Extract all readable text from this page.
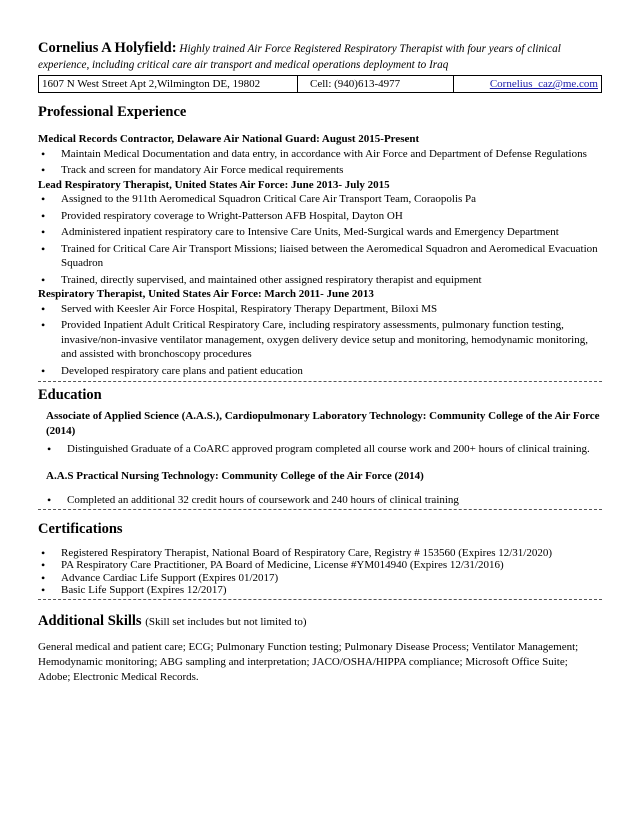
Cornelius A Holyfield: Highly trained Air Force Registered Respiratory Therapist with four years of clinical experience, including critical care air transport and medical operations deployment to Iraq
1607 N West Street Apt 2,Wilmington DE, 19802	Cell: (940)613-4977	Cornelius_caz@me.com
Professional Experience
Medical Records Contractor, Delaware Air National Guard: August 2015-Present
• Maintain Medical Documentation and data entry, in accordance with Air Force and Department of Defense Regulations
• Track and screen for mandatory Air Force medical requirements
Lead Respiratory Therapist, United States Air Force: June 2013- July 2015
• Assigned to the 911th Aeromedical Squadron Critical Care Air Transport Team, Coraopolis Pa
• Provided respiratory coverage to Wright-Patterson AFB Hospital, Dayton OH
• Administered inpatient respiratory care to Intensive Care Units, Med-Surgical wards and Emergency Department
• Trained for Critical Care Air Transport Missions; liaised between the Aeromedical Squadron and Aeromedical Evacuation Squadron
• Trained, directly supervised, and maintained other assigned respiratory therapist and equipment
Respiratory Therapist, United States Air Force: March 2011- June 2013
• Served with Keesler Air Force Hospital, Respiratory Therapy Department, Biloxi MS
• Provided Inpatient Adult Critical Respiratory Care, including respiratory assessments, pulmonary function testing, invasive/non-invasive ventilator management, oxygen delivery device setup and monitoring, hemodynamic monitoring, and assisted with bronchoscopy procedures
• Developed respiratory care plans and patient education
Education
Associate of Applied Science (A.A.S.), Cardiopulmonary Laboratory Technology: Community College of the Air Force (2014)
• Distinguished Graduate of a CoARC approved program completed all course work and 200+ hours of clinical training.
A.A.S Practical Nursing Technology: Community College of the Air Force (2014)
• Completed an additional 32 credit hours of coursework and 240 hours of clinical training
Certifications
• Registered Respiratory Therapist, National Board of Respiratory Care, Registry # 153560 (Expires 12/31/2020)
• PA Respiratory Care Practitioner, PA Board of Medicine, License #YM014940 (Expires 12/31/2016)
• Advance Cardiac Life Support (Expires 01/2017)
• Basic Life Support (Expires 12/2017)
Additional Skills (Skill set includes but not limited to)
General medical and patient care; ECG; Pulmonary Function testing; Pulmonary Disease Process; Ventilator Management; Hemodynamic monitoring; ABG sampling and interpretation; JACO/OSHA/HIPPA compliance; Microsoft Office Suite; Adobe; Electronic Medical Records.
